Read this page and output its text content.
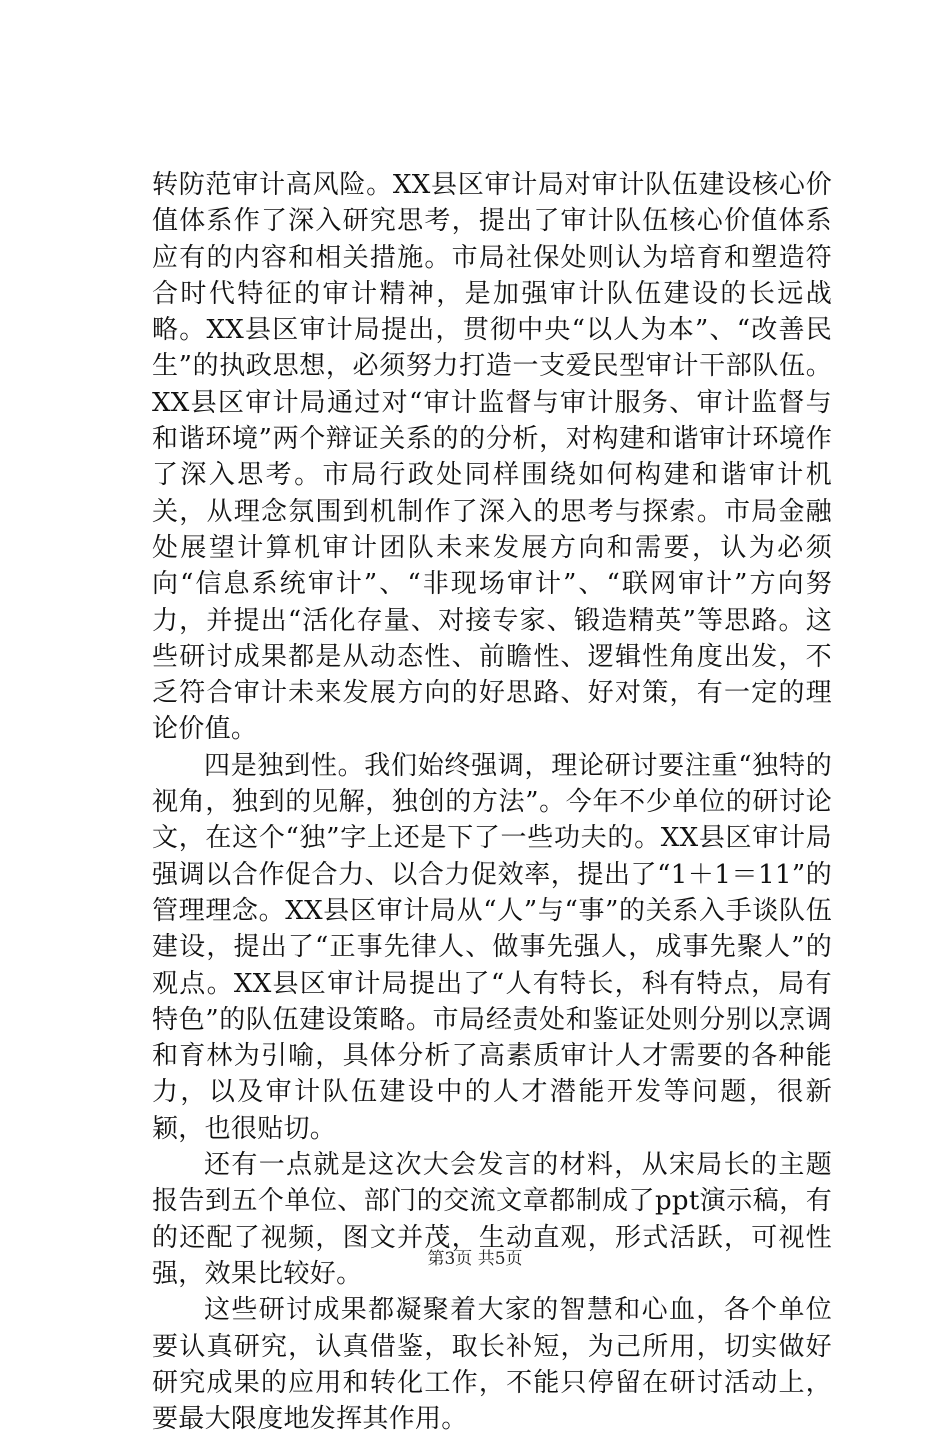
转防范审计高风险。XX县区审计局对审计队伍建设核心价值体系作了深入研究思考，提出了审计队伍核心价值体系应有的内容和相关措施。市局社保处则认为培育和塑造符合时代特征的审计精神，是加强审计队伍建设的长远战略。XX县区审计局提出，贯彻中央“以人为本”、“改善民生”的执政思想，必须努力打造一支爱民型审计干部队伍。XX县区审计局通过对“审计监督与审计服务、审计监督与和谐环境”两个辩证关系的的分析，对构建和谐审计环境作了深入思考。市局行政处同样围绕如何构建和谐审计机关，从理念氛围到机制作了深入的思考与探索。市局金融处展望计算机审计团队未来发展方向和需要，认为必须向“信息系统审计”、“非现场审计”、“联网审计”方向努力，并提出“活化存量、对接专家、锻造精英”等思路。这些研讨成果都是从动态性、前瞻性、逻辑性角度出发，不乏符合审计未来发展方向的好思路、好对策，有一定的理论价值。

四是独到性。我们始终强调，理论研讨要注重“独特的视角，独到的见解，独创的方法”。今年不少单位的研讨论文，在这个“独”字上还是下了一些功夫的。XX县区审计局强调以合作促合力、以合力促效率，提出了“1＋1＝11”的管理理念。XX县区审计局从“人”与“事”的关系入手谈队伍建设，提出了“正事先律人、做事先强人，成事先聚人”的观点。XX县区审计局提出了“人有特长，科有特点，局有特色”的队伍建设策略。市局经责处和鉴证处则分别以烹调和育林为引喻，具体分析了高素质审计人才需要的各种能力，以及审计队伍建设中的人才潜能开发等问题，很新颖，也很贴切。

还有一点就是这次大会发言的材料，从宋局长的主题报告到五个单位、部门的交流文章都制成了ppt演示稿，有的还配了视频，图文并茂，生动直观，形式活跃，可视性强，效果比较好。

这些研讨成果都凝聚着大家的智慧和心血，各个单位要认真研究，认真借鉴，取长补短，为己所用，切实做好研究成果的应用和转化工作，不能只停留在研讨活动上，要最大限度地发挥其作用。

第3页 共5页
